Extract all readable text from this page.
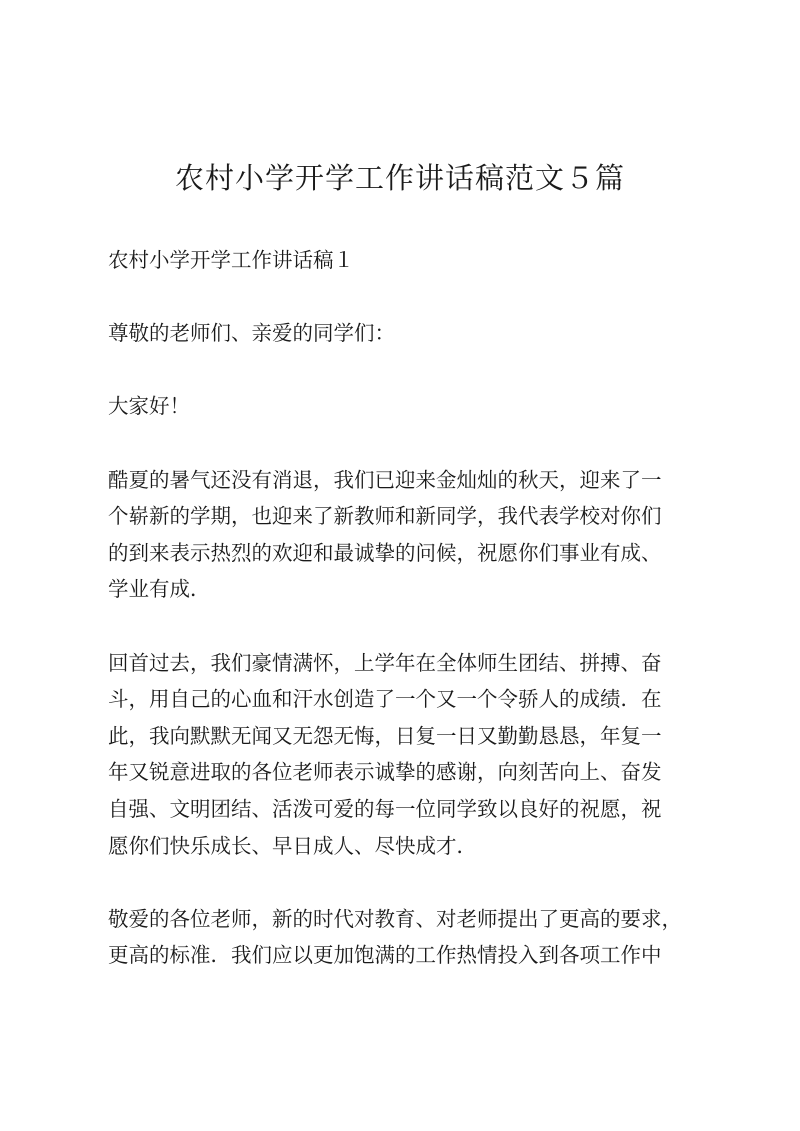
农村小学开学工作讲话稿范文５篇

农村小学开学工作讲话稿１

尊敬的老师们、亲爱的同学们：

大家好！

酷夏的暑气还没有消退，我们已迎来金灿灿的秋天，迎来了一
个崭新的学期，也迎来了新教师和新同学，我代表学校对你们
的到来表示热烈的欢迎和最诚挚的问候，祝愿你们事业有成、
学业有成．

回首过去，我们豪情满怀，上学年在全体师生团结、拼搏、奋
斗，用自己的心血和汗水创造了一个又一个令骄人的成绩．在
此，我向默默无闻又无怨无悔，日复一日又勤勤恳恳，年复一
年又锐意进取的各位老师表示诚挚的感谢，向刻苦向上、奋发
自强、文明团结、活泼可爱的每一位同学致以良好的祝愿，祝
愿你们快乐成长、早日成人、尽快成才．

敬爱的各位老师，新的时代对教育、对老师提出了更高的要求，
更高的标准．我们应以更加饱满的工作热情投入到各项工作中
